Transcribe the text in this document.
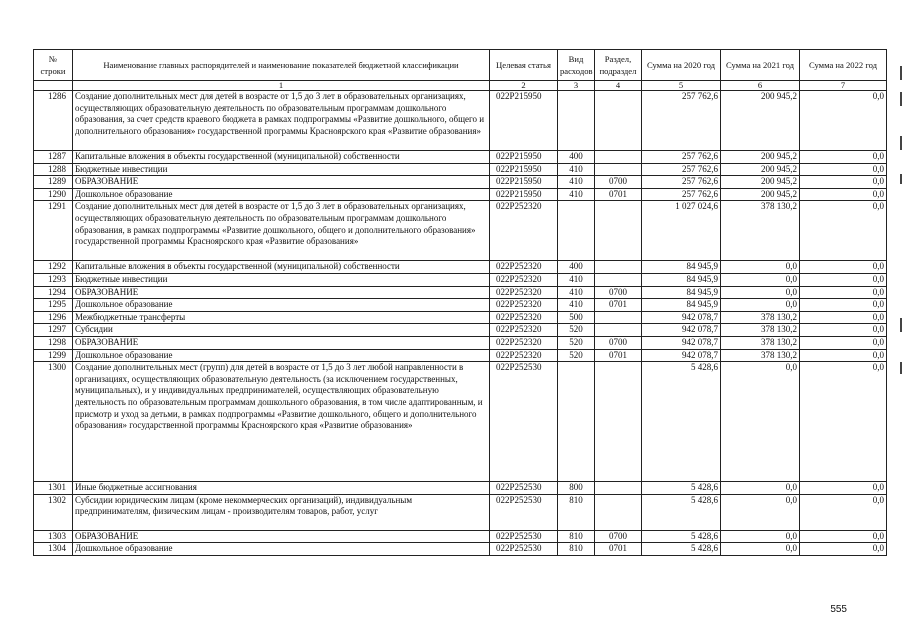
№ строки	Наименование главных распорядителей и наименование показателей бюджетной классификации	Целевая статья	Вид расходов	Раздел, подраздел	Сумма на 2020 год	Сумма на 2021 год	Сумма на 2022 год
	1	2	3	4	5	6	7
1286	Создание дополнительных мест для детей в возрасте от 1,5 до 3 лет в образовательных организациях, осуществляющих образовательную деятельность по образовательным программам дошкольного образования, за счет средств краевого бюджета в рамках подпрограммы «Развитие дошкольного, общего и дополнительного образования» государственной программы Красноярского края «Развитие образования»	022Р215950			257 762,6	200 945,2	0,0
1287	Капитальные вложения в объекты государственной (муниципальной) собственности	022Р215950	400		257 762,6	200 945,2	0,0
1288	Бюджетные инвестиции	022Р215950	410		257 762,6	200 945,2	0,0
1289	ОБРАЗОВАНИЕ	022Р215950	410	0700	257 762,6	200 945,2	0,0
1290	Дошкольное образование	022Р215950	410	0701	257 762,6	200 945,2	0,0
1291	Создание дополнительных мест для детей в возрасте от 1,5 до 3 лет в образовательных организациях, осуществляющих образовательную деятельность по образовательным программам дошкольного образования, в рамках подпрограммы «Развитие дошкольного, общего и дополнительного образования» государственной программы Красноярского края «Развитие образования»	022Р252320			1 027 024,6	378 130,2	0,0
1292	Капитальные вложения в объекты государственной (муниципальной) собственности	022Р252320	400		84 945,9	0,0	0,0
1293	Бюджетные инвестиции	022Р252320	410		84 945,9	0,0	0,0
1294	ОБРАЗОВАНИЕ	022Р252320	410	0700	84 945,9	0,0	0,0
1295	Дошкольное образование	022Р252320	410	0701	84 945,9	0,0	0,0
1296	Межбюджетные трансферты	022Р252320	500		942 078,7	378 130,2	0,0
1297	Субсидии	022Р252320	520		942 078,7	378 130,2	0,0
1298	ОБРАЗОВАНИЕ	022Р252320	520	0700	942 078,7	378 130,2	0,0
1299	Дошкольное образование	022Р252320	520	0701	942 078,7	378 130,2	0,0
1300	Создание дополнительных мест (групп) для детей в возрасте от 1,5 до 3 лет любой направленности в организациях, осуществляющих образовательную деятельность (за исключением государственных, муниципальных), и у индивидуальных предпринимателей, осуществляющих образовательную деятельность по образовательным программам дошкольного образования, в том числе адаптированным, и присмотр и уход за детьми, в рамках подпрограммы «Развитие дошкольного, общего и дополнительного образования» государственной программы Красноярского края «Развитие образования»	022Р252530			5 428,6	0,0	0,0
1301	Иные бюджетные ассигнования	022Р252530	800		5 428,6	0,0	0,0
1302	Субсидии юридическим лицам (кроме некоммерческих организаций), индивидуальным предпринимателям, физическим лицам - производителям товаров, работ, услуг	022Р252530	810		5 428,6	0,0	0,0
1303	ОБРАЗОВАНИЕ	022Р252530	810	0700	5 428,6	0,0	0,0
1304	Дошкольное образование	022Р252530	810	0701	5 428,6	0,0	0,0
555
